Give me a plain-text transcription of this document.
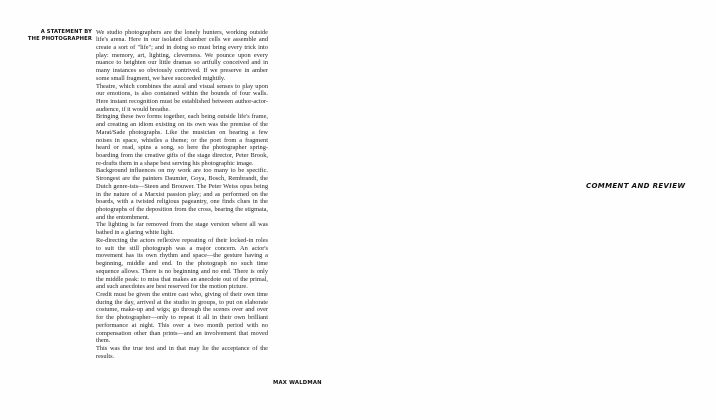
A STATEMENT BY
THE PHOTOGRAPHER

We studio photographers are the lonely hunters, working outside life's arena. Here in our isolated chamber cells we assemble and create a sort of "life"; and in doing so must bring every trick into play: memory, art, lighting, cleverness. We pounce upon every nuance to heighten our little dramas so artfully conceived and in many instances so obviously contrived. If we preserve in amber some small fragment, we have succeeded mightily.

Theatre, which combines the aural and visual senses to play upon our emotions, is also contained within the bounds of four walls. Here instant recognition must be established between author-actor-audience, if it would breathe.

Bringing these two forms together, each being outside life's frame, and creating an idiom existing on its own was the premise of the Marat/Sade photographs. Like the musician on hearing a few noises in space, whistles a theme; or the poet from a fragment heard or read, spins a song, so here the photographer spring-boarding from the creative gifts of the stage director, Peter Brook, re-drafts them in a shape best serving his photographic image.

Background influences on my work are too many to be specific. Strongest are the painters Daumier, Goya, Bosch, Rembrandt, the Dutch genre-ists—Steen and Brouwer. The Peter Weiss opus being in the nature of a Marxist passion play; and as performed on the boards, with a twisted religious pageantry, one finds clues in the photographs of the deposition from the cross, bearing the stigmata, and the entombment.

The lighting is far removed from the stage version where all was bathed in a glaring white light.

Re-directing the actors reflexive repeating of their locked-in roles to suit the still photograph was a major concern. An actor's movement has its own rhythm and space—the gesture having a beginning, middle and end. In the photograph no such time sequence allows. There is no beginning and no end. There is only the middle peak: to miss that makes an anecdote out of the primal, and such anecdotes are best reserved for the motion picture.

Credit must be given the entire cast who, giving of their own time during the day, arrived at the studio in groups, to put on elaborate costume, make-up and wigs; go through the scenes over and over for the photographer—only to repeat it all in their own brilliant performance at night. This over a two month period with no compensation other than prints—and an involvement that moved them.

This was the true test and in that may lie the acceptance of the results.

MAX WALDMAN
COMMENT AND REVIEW
